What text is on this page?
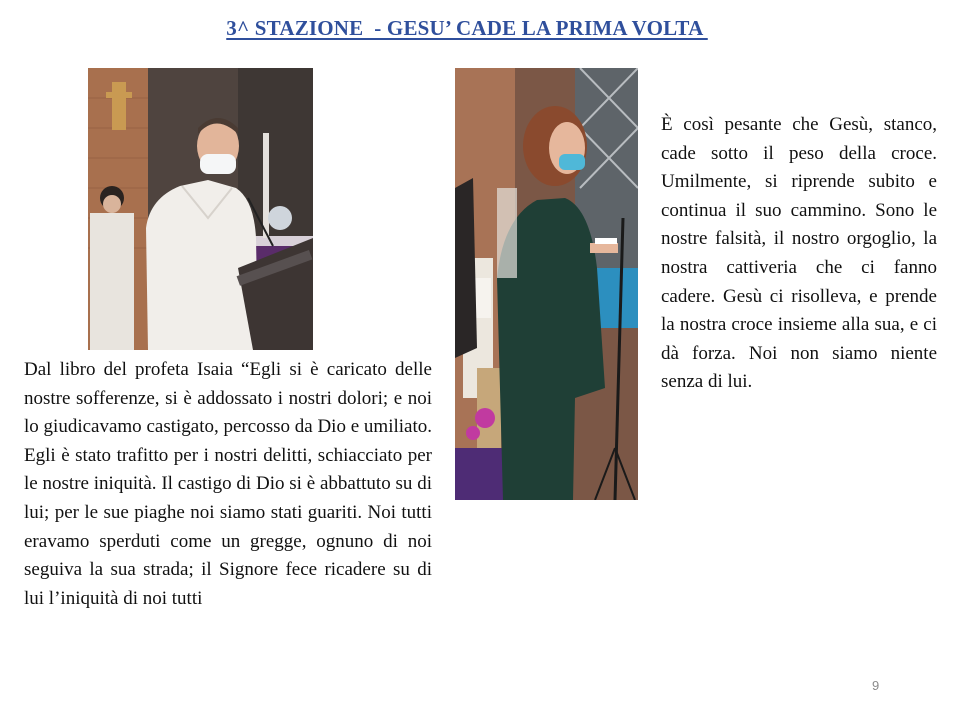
3^ STAZIONE  - GESU’ CADE LA PRIMA VOLTA

Dal libro del profeta Isaia “Egli si è caricato delle nostre sofferenze, si è addossato i nostri dolori; e noi lo giudicavamo castigato, percosso da Dio e umiliato. Egli è stato trafitto per i nostri delitti, schiacciato per le nostre iniquità. Il castigo di Dio si è abbattuto su di lui; per le sue piaghe noi siamo stati guariti. Noi tutti eravamo sperduti come un gregge, ognuno di noi seguiva la sua strada; il Signore fece ricadere su di lui l’iniquità di noi tutti

È così pesante che Gesù, stanco, cade sotto il peso della croce. Umilmente, si riprende subito e continua il suo cammino. Sono le nostre falsità, il nostro orgoglio, la nostra cattiveria che ci fanno cadere. Gesù ci risolleva, e prende la nostra croce insieme alla sua, e ci dà forza. Noi non siamo niente senza di lui.

9
